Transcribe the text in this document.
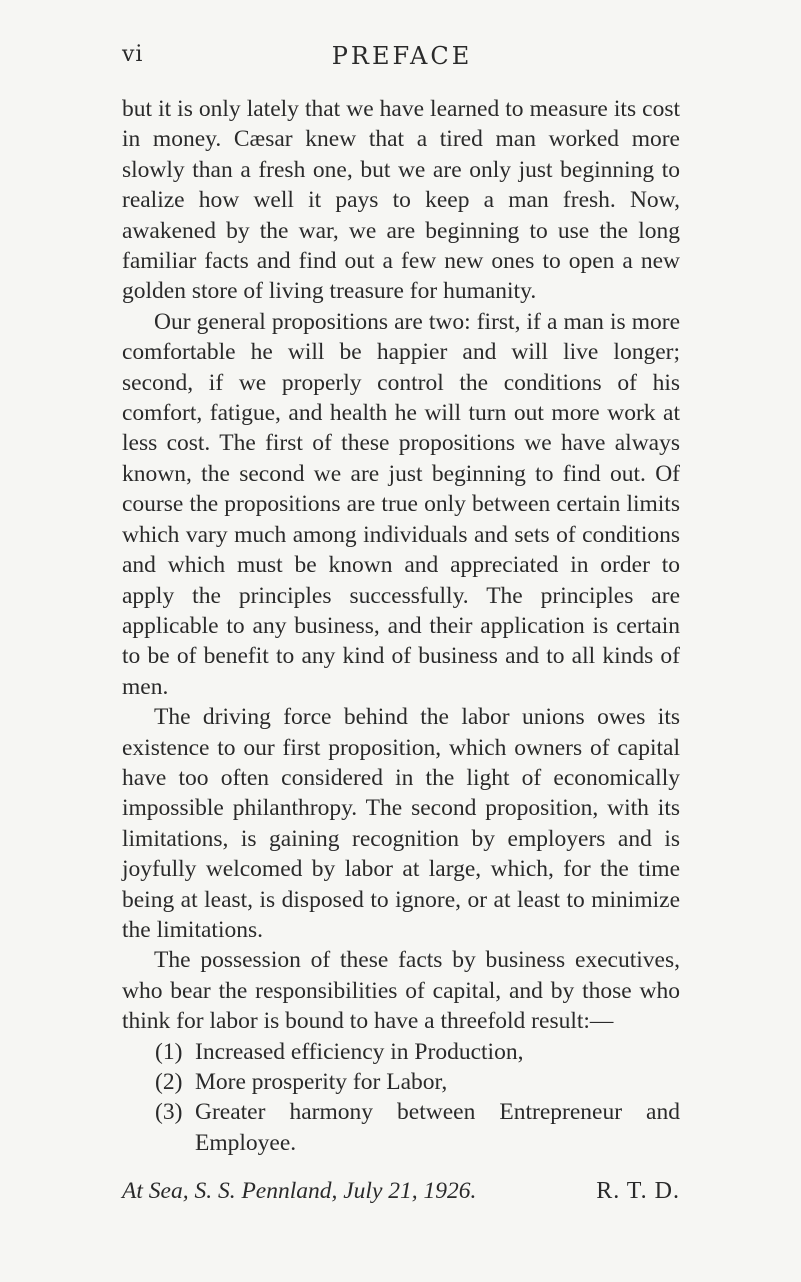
vi	PREFACE

but it is only lately that we have learned to measure its cost in money. Cæsar knew that a tired man worked more slowly than a fresh one, but we are only just beginning to realize how well it pays to keep a man fresh. Now, awakened by the war, we are beginning to use the long familiar facts and find out a few new ones to open a new golden store of living treasure for humanity.

Our general propositions are two: first, if a man is more comfortable he will be happier and will live longer; second, if we properly control the conditions of his comfort, fatigue, and health he will turn out more work at less cost. The first of these propositions we have always known, the second we are just beginning to find out. Of course the propositions are true only between certain limits which vary much among individuals and sets of conditions and which must be known and appreciated in order to apply the principles successfully. The principles are applicable to any business, and their application is certain to be of benefit to any kind of business and to all kinds of men.

The driving force behind the labor unions owes its existence to our first proposition, which owners of capital have too often considered in the light of economically impossible philanthropy. The second proposition, with its limitations, is gaining recognition by employers and is joyfully welcomed by labor at large, which, for the time being at least, is disposed to ignore, or at least to minimize the limitations.

The possession of these facts by business executives, who bear the responsibilities of capital, and by those who think for labor is bound to have a threefold result:—

(1) Increased efficiency in Production,
(2) More prosperity for Labor,
(3) Greater harmony between Entrepreneur and Employee.
At Sea, S. S. Pennland, July 21, 1926.	R. T. D.
